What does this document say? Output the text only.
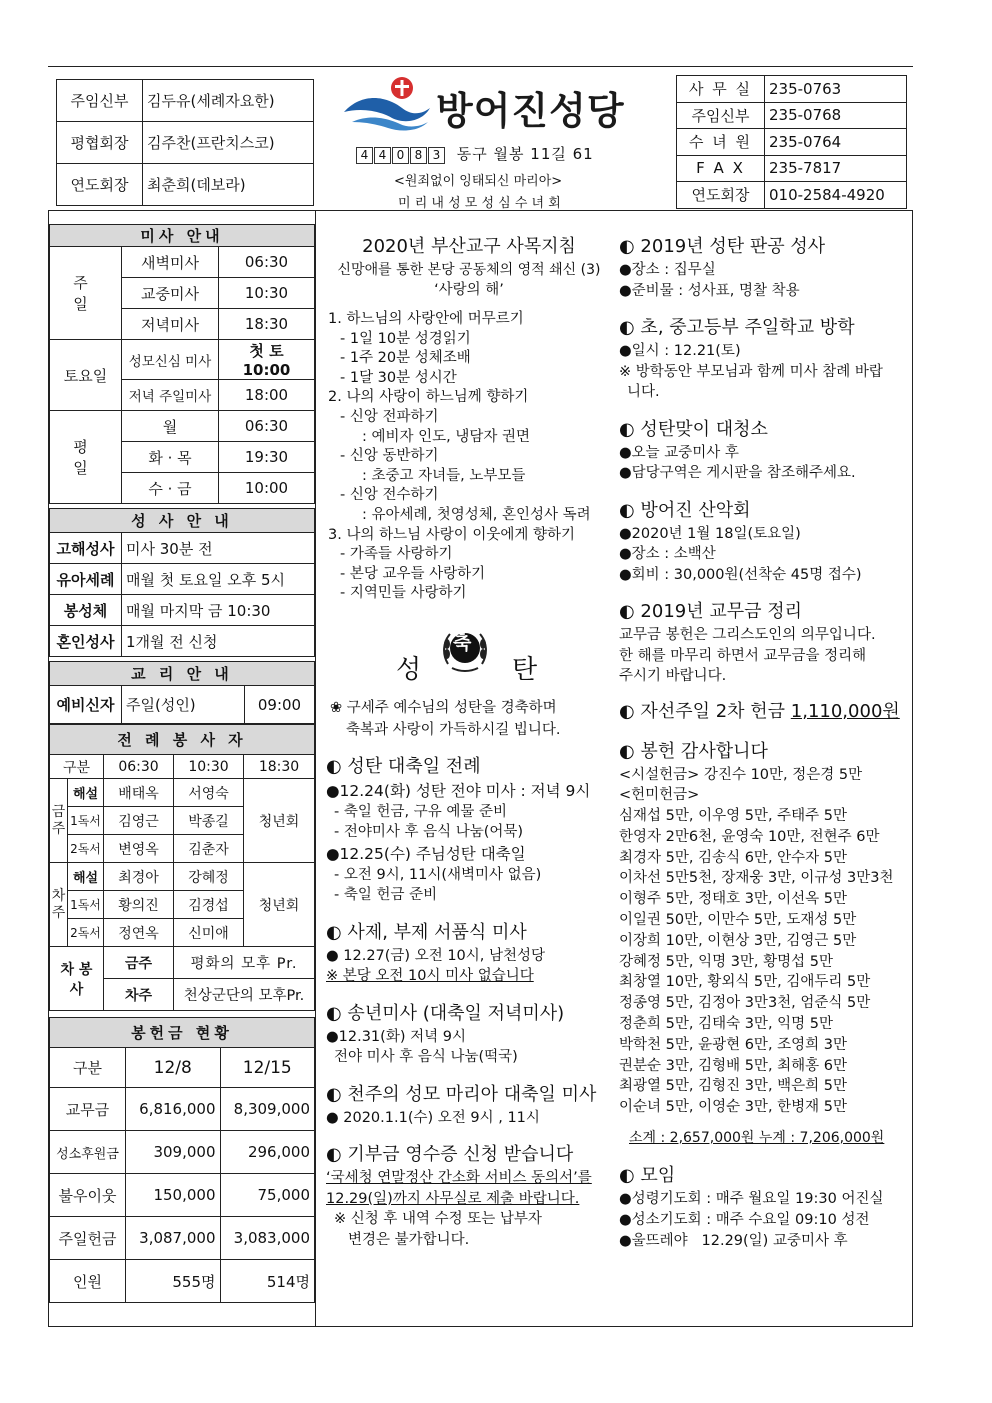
주임신부	김두유(세례자요한)
평협회장	김주찬(프란치스코)
연도회장	최춘희(데보라)
방어진성당
4 4 0 8 3 동구 월봉 11길 61
<원죄없이 잉태되신 마리아>
미 리 내 성 모 성 심 수 녀 회
사 무 실	235-0763
주임신부	235-0768
수 녀 원	235-0764
F A X	235-7817
연도회장	010-2584-4920
미사 안내		
주 일	새벽미사	06:30
	교중미사	10:30
	저녁미사	18:30
토요일	성모신심 미사	첫 토 10:00
	저녁 주일미사	18:00
평 일	월	06:30
	화 · 목	19:30
	수 · 금	10:00
성 사 안 내	
고해성사	미사 30분 전
유아세례	매월 첫 토요일 오후 5시
봉성체	매월 마지막 금 10:30
혼인성사	1개월 전 신청
교 리 안 내
예비신자	주일(성인)	09:00
전 례 봉 사 자				
구분		06:30	10:30	18:30
금 주	해설	배태옥	서영숙	청년회
	1독서	김영근	박종길	
	2독서	변영옥	김춘자	
차 주	해설	최경아	강혜정	청년회
	1독서	황의진	김경섭	
	2독서	정연옥	신미애	
차 봉사		금주	평화의 모후 Pr.	
		차주	천상군단의 모후Pr.	
봉헌금 현황		
구분	12/8	12/15
교무금	6,816,000	8,309,000
성소후원금	309,000	296,000
불우이웃	150,000	75,000
주일헌금	3,087,000	3,083,000
인원	555명	514명
2020년 부산교구 사목지침
신망애를 통한 본당 공동체의 영적 쇄신 (3)
‘사랑의 해’
1. 하느님의 사랑안에 머무르기
- 1일 10분 성경읽기
- 1주 20분 성체조배
- 1달 30분 성시간
2. 나의 사랑이 하느님께 향하기
- 신앙 전파하기
: 예비자 인도, 냉담자 권면
- 신앙 동반하기
: 초중고 자녀들, 노부모들
- 신앙 전수하기
: 유아세례, 첫영성체, 혼인성사 독려
3. 나의 하느님 사랑이 이웃에게 향하기
- 가족들 사랑하기
- 본당 교우들 사랑하기
- 지역민들 사랑하기
축
성	탄
❀ 구세주 예수님의 성탄을 경축하며
축복과 사랑이 가득하시길 빕니다.
◐ 성탄 대축일 전례
●12.24(화) 성탄 전야 미사 : 저녁 9시
- 축일 헌금, 구유 예물 준비
- 전야미사 후 음식 나눔(어묵)
●12.25(수) 주님성탄 대축일
- 오전 9시, 11시(새벽미사 없음)
- 축일 헌금 준비
◐ 사제, 부제 서품식 미사
● 12.27(금) 오전 10시, 남천성당
※ 본당 오전 10시 미사 없습니다
◐ 송년미사 (대축일 저녁미사)
●12.31(화) 저녁 9시
전야 미사 후 음식 나눔(떡국)
◐ 천주의 성모 마리아 대축일 미사
● 2020.1.1(수) 오전 9시 , 11시
◐ 기부금 영수증 신청 받습니다
‘국세청 연말정산 간소화 서비스 동의서’를
12.29(일)까지 사무실로 제출 바랍니다.
※ 신청 후 내역 수정 또는 납부자
변경은 불가합니다.
◐ 2019년 성탄 판공 성사
●장소 : 집무실
●준비물 : 성사표, 명찰 착용
◐ 초, 중고등부 주일학교 방학
●일시 : 12.21(토)
※ 방학동안 부모님과 함께 미사 참례 바랍
니다.
◐ 성탄맞이 대청소
●오늘 교중미사 후
●담당구역은 게시판을 참조해주세요.
◐ 방어진 산악회
●2020년 1월 18일(토요일)
●장소 : 소백산
●회비 : 30,000원(선착순 45명 접수)
◐ 2019년 교무금 정리
교무금 봉헌은 그리스도인의 의무입니다.
한 해를 마무리 하면서 교무금을 정리해
주시기 바랍니다.
◐ 자선주일 2차 헌금 1,110,000원
◐ 봉헌 감사합니다
<시설헌금> 강진수 10만, 정은경 5만
<헌미헌금>
심재섭 5만, 이우영 5만, 주태주 5만
한영자 2만6천, 윤영숙 10만, 전현주 6만
최경자 5만, 김송식 6만, 안수자 5만
이차선 5만5천, 장재웅 3만, 이규성 3만3천
이형주 5만, 정태호 3만, 이선옥 5만
이일권 50만, 이만수 5만, 도재성 5만
이장희 10만, 이현상 3만, 김영근 5만
강혜정 5만, 익명 3만, 황명섭 5만
최창열 10만, 황외식 5만, 김애두리 5만
정종영 5만, 김정아 3만3천, 엄준식 5만
정춘희 5만, 김태숙 3만, 익명 5만
박학천 5만, 윤광현 6만, 조영희 3만
권분순 3만, 김형배 5만, 최해홍 6만
최광열 5만, 김형진 3만, 백은희 5만
이순녀 5만, 이영순 3만, 한병재 5만
소계 : 2,657,000원 누계 : 7,206,000원
◐ 모임
●성령기도회 : 매주 월요일 19:30 어진실
●성소기도회 : 매주 수요일 09:10 성전
●울뜨레야   12.29(일) 교중미사 후
